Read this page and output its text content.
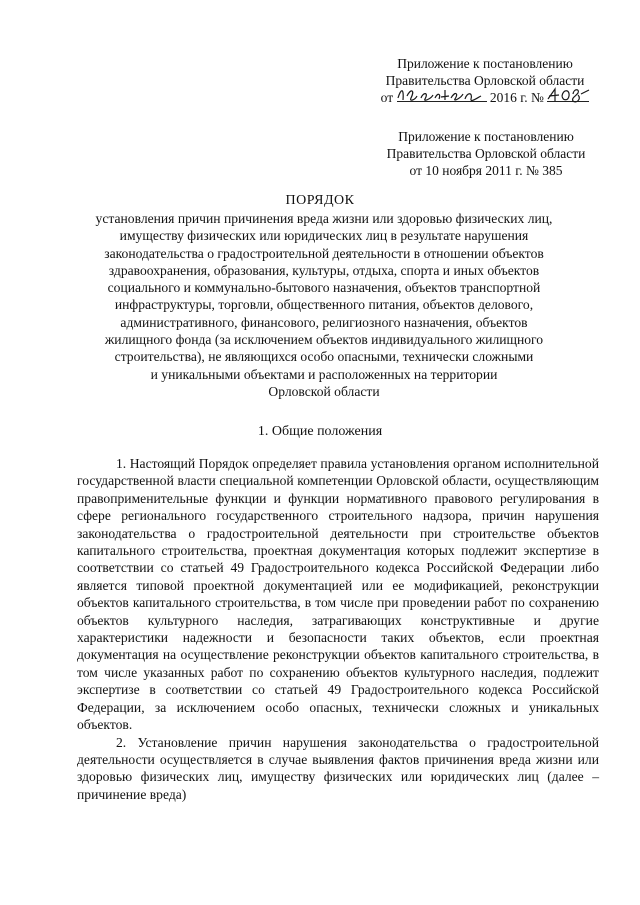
Приложение к постановлению
Правительства Орловской области
от	2016 г. №
Приложение к постановлению
Правительства Орловской области
от 10 ноября 2011 г. № 385
ПОРЯДОК
установления причин причинения вреда жизни или здоровью физических лиц,
имуществу физических или юридических лиц в результате нарушения
законодательства о градостроительной деятельности в отношении объектов
здравоохранения, образования, культуры, отдыха, спорта и иных объектов
социального и коммунально-бытового назначения, объектов транспортной
инфраструктуры, торговли, общественного питания, объектов делового,
административного, финансового, религиозного назначения, объектов
жилищного фонда (за исключением объектов индивидуального жилищного
строительства), не являющихся особо опасными, технически сложными
и уникальными объектами и расположенных на территории
Орловской области
1. Общие положения

1. Настоящий Порядок определяет правила установления органом исполнительной государственной власти специальной компетенции Орловской области, осуществляющим правоприменительные функции и функции нормативного правового регулирования в сфере регионального государственного строительного надзора, причин нарушения законодательства о градостроительной деятельности при строительстве объектов капитального строительства, проектная документация которых подлежит экспертизе в соответствии со статьей 49 Градостроительного кодекса Российской Федерации либо является типовой проектной документацией или ее модификацией, реконструкции объектов капитального строительства, в том числе при проведении работ по сохранению объектов культурного наследия, затрагивающих конструктивные и другие характеристики надежности и безопасности таких объектов, если проектная документация на осуществление реконструкции объектов капитального строительства, в том числе указанных работ по сохранению объектов культурного наследия, подлежит экспертизе в соответствии со статьей 49 Градостроительного кодекса Российской Федерации, за исключением особо опасных, технически сложных и уникальных объектов.

2. Установление причин нарушения законодательства о градостроительной деятельности осуществляется в случае выявления фактов причинения вреда жизни или здоровью физических лиц, имуществу физических или юридических лиц (далее – причинение вреда)
